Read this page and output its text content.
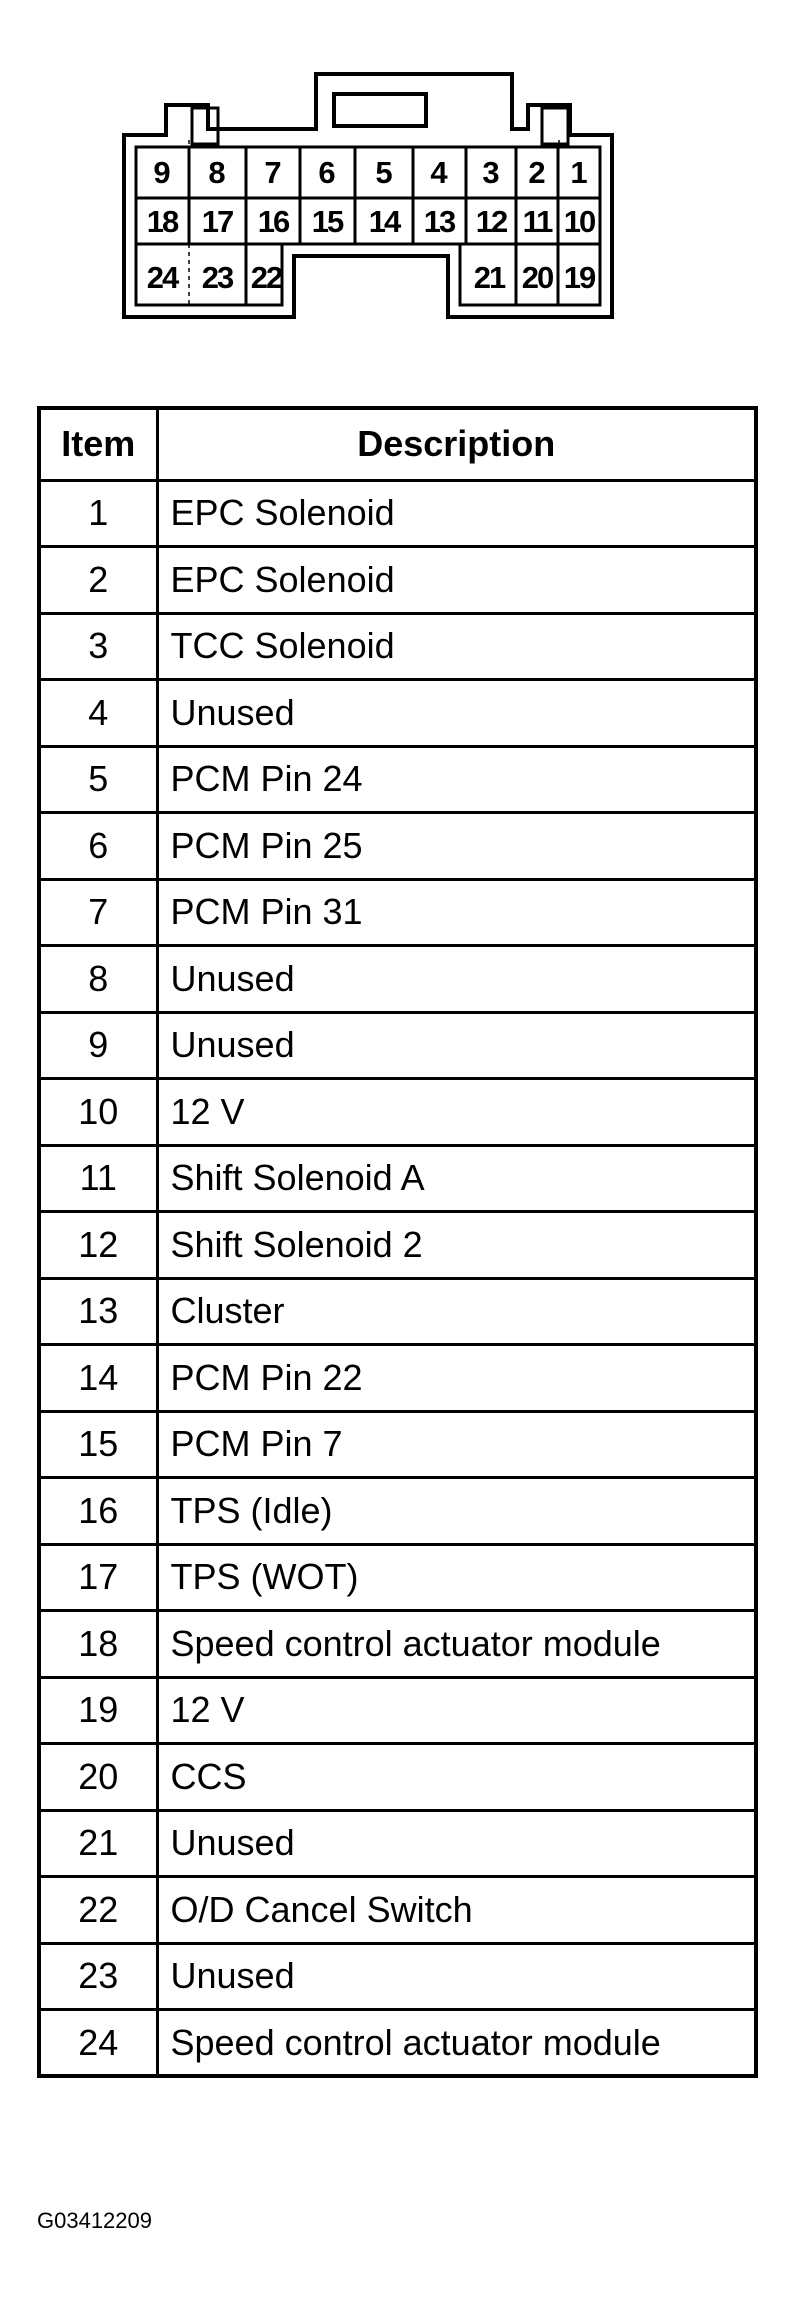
9 8 7 6 5 4 3 2 1
18 17 16 15 14 13 12 11 10
24 23 22	21 20 19
Item	Description
1	EPC Solenoid
2	EPC Solenoid
3	TCC Solenoid
4	Unused
5	PCM Pin 24
6	PCM Pin 25
7	PCM Pin 31
8	Unused
9	Unused
10	12 V
11	Shift Solenoid A
12	Shift Solenoid 2
13	Cluster
14	PCM Pin 22
15	PCM Pin 7
16	TPS (Idle)
17	TPS (WOT)
18	Speed control actuator module
19	12 V
20	CCS
21	Unused
22	O/D Cancel Switch
23	Unused
24	Speed control actuator module
G03412209
